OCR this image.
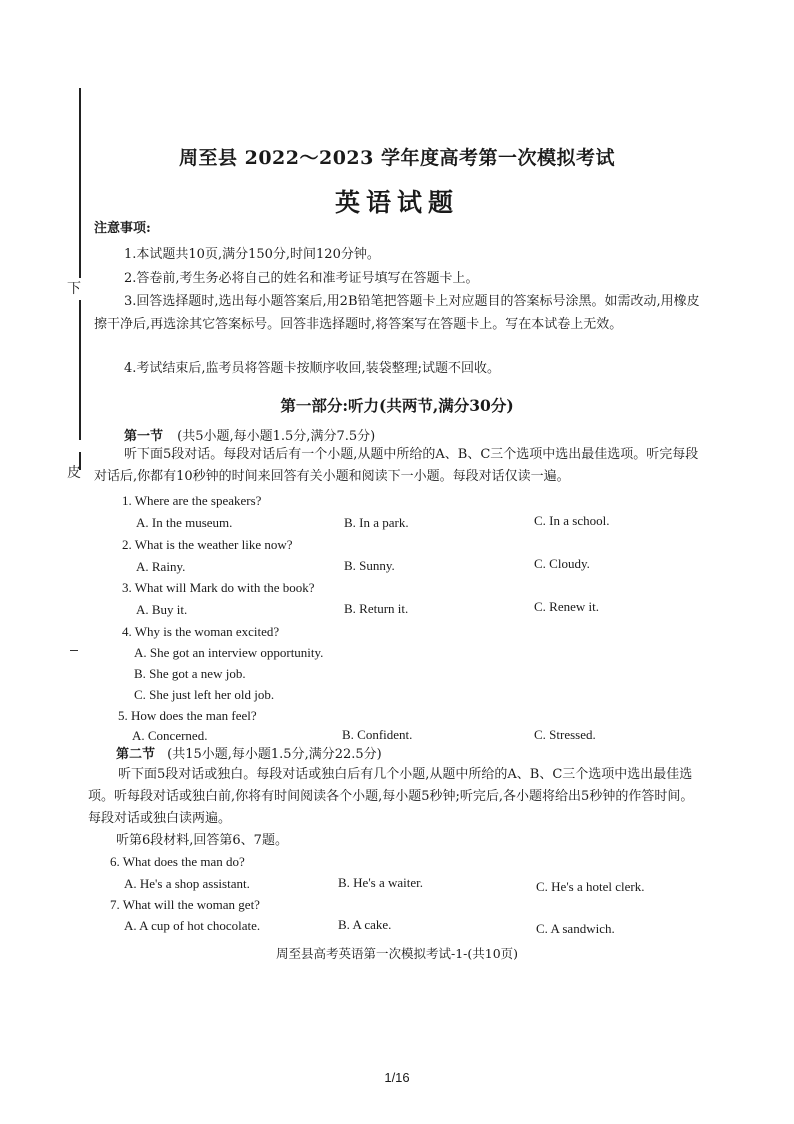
下
皮
周至县 2022～2023 学年度高考第一次模拟考试
英语试题
注意事项:
1.本试题共10页,满分150分,时间120分钟。
2.答卷前,考生务必将自己的姓名和准考证号填写在答题卡上。
3.回答选择题时,选出每小题答案后,用2B铅笔把答题卡上对应题目的答案标号涂黑。如需改动,用橡皮擦干净后,再选涂其它答案标号。回答非选择题时,将答案写在答题卡上。写在本试卷上无效。
4.考试结束后,监考员将答题卡按顺序收回,装袋整理;试题不回收。
第一部分:听力(共两节,满分30分)
第一节 (共5小题,每小题1.5分,满分7.5分)
听下面5段对话。每段对话后有一个小题,从题中所给的A、B、C三个选项中选出最佳选项。听完每段对话后,你都有10秒钟的时间来回答有关小题和阅读下一小题。每段对话仅读一遍。
1. Where are the speakers?
A. In the museum.	B. In a park.	C. In a school.
2. What is the weather like now?
A. Rainy.	B. Sunny.	C. Cloudy.
3. What will Mark do with the book?
A. Buy it.	B. Return it.	C. Renew it.
4. Why is the woman excited?
A. She got an interview opportunity.
B. She got a new job.
C. She just left her old job.
5. How does the man feel?
A. Concerned.	B. Confident.	C. Stressed.
第二节 (共15小题,每小题1.5分,满分22.5分)
听下面5段对话或独白。每段对话或独白后有几个小题,从题中所给的A、B、C三个选项中选出最佳选项。听每段对话或独白前,你将有时间阅读各个小题,每小题5秒钟;听完后,各小题将给出5秒钟的作答时间。每段对话或独白读两遍。
听第6段材料,回答第6、7题。
6. What does the man do?
A. He's a shop assistant.	B. He's a waiter.	C. He's a hotel clerk.
7. What will the woman get?
A. A cup of hot chocolate.	B. A cake.	C. A sandwich.
周至县高考英语第一次模拟考试-1-(共10页)
1/16
